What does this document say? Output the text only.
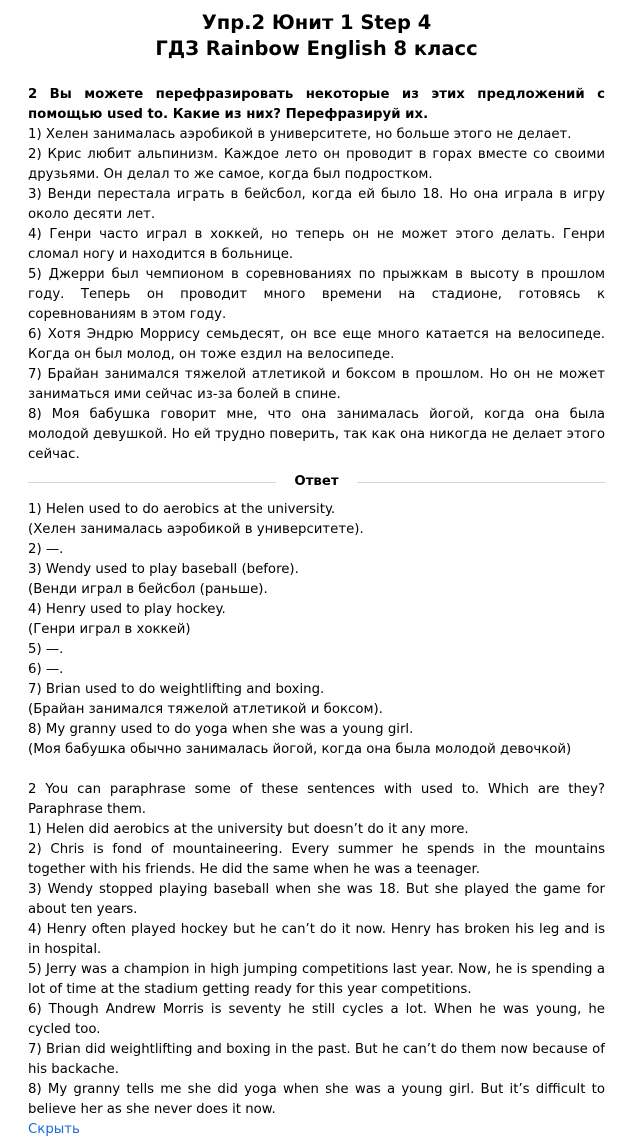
Упр.2 Юнит 1 Step 4
ГДЗ Rainbow English 8 класс

2 Вы можете перефразировать некоторые из этих предложений с помощью used to. Какие из них? Перефразируй их.

1) Хелен занималась аэробикой в университете, но больше этого не делает.

2) Крис любит альпинизм. Каждое лето он проводит в горах вместе со своими друзьями. Он делал то же самое, когда был подростком.

3) Венди перестала играть в бейсбол, когда ей было 18. Но она играла в игру около десяти лет.

4) Генри часто играл в хоккей, но теперь он не может этого делать. Генри сломал ногу и находится в больнице.

5) Джерри был чемпионом в соревнованиях по прыжкам в высоту в прошлом году. Теперь он проводит много времени на стадионе, готовясь к соревнованиям в этом году.

6) Хотя Эндрю Моррису семьдесят, он все еще много катается на велосипеде. Когда он был молод, он тоже ездил на велосипеде.

7) Брайан занимался тяжелой атлетикой и боксом в прошлом. Но он не может заниматься ими сейчас из-за болей в спине.

8) Моя бабушка говорит мне, что она занималась йогой, когда она была молодой девушкой. Но ей трудно поверить, так как она никогда не делает этого сейчас.

Ответ

1) Helen used to do aerobics at the university.

(Хелен занималась аэробикой в университете).

2) —.

3) Wendy used to play baseball (before).

(Венди играл в бейсбол (раньше).

4) Henry used to play hockey.

(Генри играл в хоккей)

5) —.

6) —.

7) Brian used to do weightlifting and boxing.

(Брайан занимался тяжелой атлетикой и боксом).

8) My granny used to do yoga when she was a young girl.

(Моя бабушка обычно занималась йогой, когда она была молодой девочкой)

2 You can paraphrase some of these sentences with used to. Which are they? Paraphrase them.

1) Helen did aerobics at the university but doesn’t do it any more.

2) Chris is fond of mountaineering. Every summer he spends in the mountains together with his friends. He did the same when he was a teenager.

3) Wendy stopped playing baseball when she was 18. But she played the game for about ten years.

4) Henry often played hockey but he can’t do it now. Henry has broken his leg and is in hospital.

5) Jerry was a champion in high jumping competitions last year. Now, he is spending a lot of time at the stadium getting ready for this year competitions.

6) Though Andrew Morris is seventy he still cycles a lot. When he was young, he cycled too.

7) Brian did weightlifting and boxing in the past. But he can’t do them now because of his backache.

8) My granny tells me she did yoga when she was a young girl. But it’s difficult to believe her as she never does it now.

Скрыть
